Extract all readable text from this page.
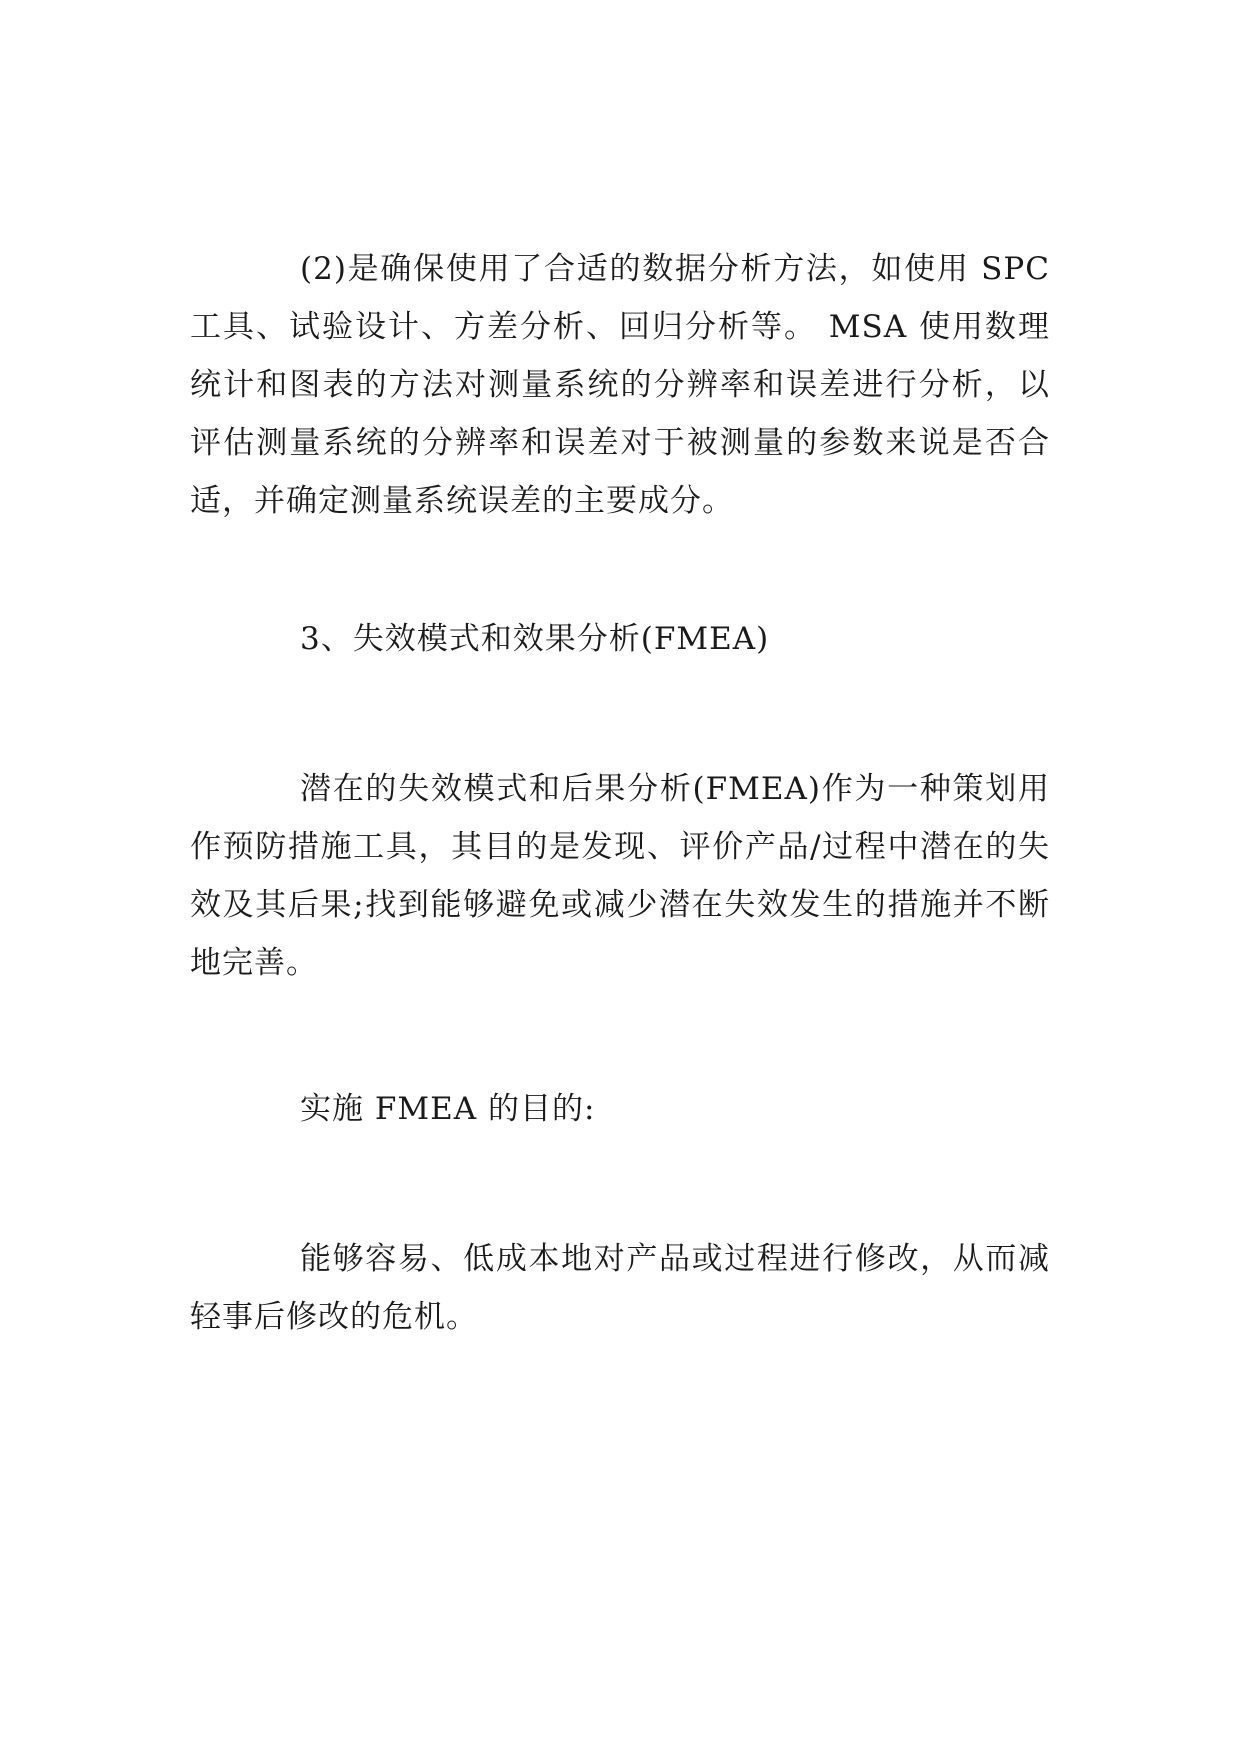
(2)是确保使用了合适的数据分析方法，如使用 SPC 工具、试验设计、方差分析、回归分析等。 MSA 使用数理统计和图表的方法对测量系统的分辨率和误差进行分析，以评估测量系统的分辨率和误差对于被测量的参数来说是否合适，并确定测量系统误差的主要成分。

3、失效模式和效果分析(FMEA)

潜在的失效模式和后果分析(FMEA)作为一种策划用作预防措施工具，其目的是发现、评价产品/过程中潜在的失效及其后果;找到能够避免或减少潜在失效发生的措施并不断地完善。

实施 FMEA 的目的:

能够容易、低成本地对产品或过程进行修改，从而减轻事后修改的危机。
